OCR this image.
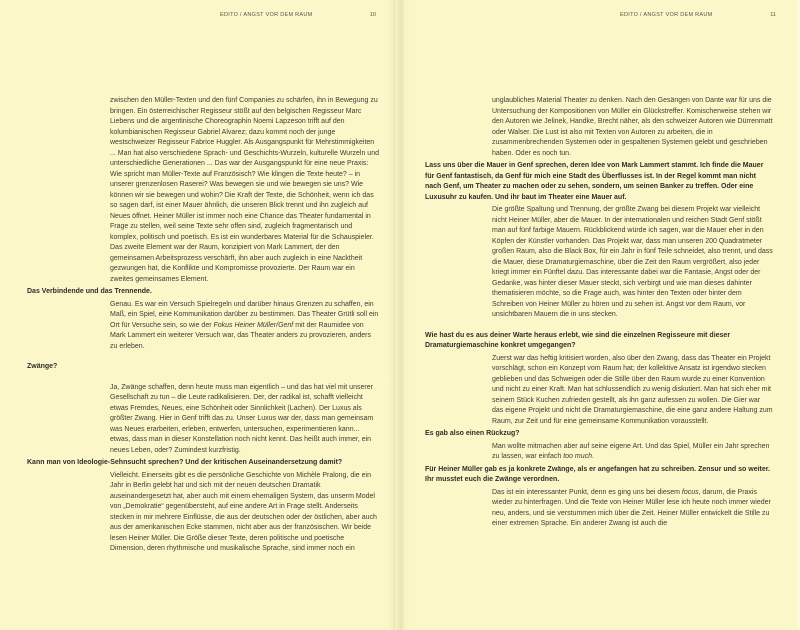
EDITO / ANGST VOR DEM RAUM	10

zwischen den Müller-Texten und den fünf Companies zu schärfen, ihn in Bewegung zu bringen. Ein österreichischer Regisseur stößt auf den belgischen Regisseur Marc Liebens und die argentinische Choreographin Noemi Lapzeson trifft auf den kolumbianischen Regisseur Gabriel Alvarez; dazu kommt noch der junge westschweizer Regisseur Fabrice Huggler. Als Ausgangspunkt für Mehrstimmigkeiten ... Man hat also verschiedene Sprach- und Geschichts-Wurzeln, kulturelle Wurzeln und unterschiedliche Generationen ... Das war der Ausgangspunkt für eine neue Praxis: Wie spricht man Müller-Texte auf Französisch? Wie klingen die Texte heute? – in unserer grenzenlosen Raserei? Was bewegen sie und wie bewegen sie uns? Wie können wir sie bewegen und wohin? Die Kraft der Texte, die Schönheit, wenn ich das so sagen darf, ist einer Mauer ähnlich, die unseren Blick trennt und ihn zugleich auf Neues öffnet. Heiner Müller ist immer noch eine Chance das Theater fundamental in Frage zu stellen, weil seine Texte sehr offen sind, zugleich fragmentarisch und komplex, politisch und poetisch. Es ist ein wunderbares Material für die Schauspieler. Das zweite Element war der Raum, konzipiert von Mark Lammert, der den gemeinsamen Arbeitsprozess verschärft, ihn aber auch zugleich in eine Nacktheit gezwungen hat, die Konflikte und Kompromisse provozierte. Der Raum war ein zweites gemeinsames Element.

Das Verbindende und das Trennende.

Genau. Es war ein Versuch Spielregeln und darüber hinaus Grenzen zu schaffen, ein Maß, ein Spiel, eine Kommunikation darüber zu bestimmen. Das Theater Grütli soll ein Ort für Versuche sein, so wie der Fokus Heiner Müller/Genf mit der Raumidee von Mark Lammert ein weiterer Versuch war, das Theater anders zu provozieren, anders zu erleben.

Zwänge?

Ja, Zwänge schaffen, denn heute muss man eigentlich – und das hat viel mit unserer Gesellschaft zu tun – die Leute radikalisieren. Der, der radikal ist, schafft vielleicht etwas Fremdes, Neues, eine Schönheit oder Sinnlichkeit (Lachen). Der Luxus als größter Zwang. Hier in Genf trifft das zu. Unser Luxus war der, dass man gemeinsam was Neues erarbeiten, erleben, entwerfen, untersuchen, experimentieren kann... etwas, dass man in dieser Konstellation noch nicht kennt. Das heißt auch immer, ein neues Leben, oder? Zumindest kurzfristig.

Kann man von Ideologie-Sehnsucht sprechen? Und der kritischen Auseinandersetzung damit?

Vielleicht. Einerseits gibt es die persönliche Geschichte von Michèle Pralong, die ein Jahr in Berlin gelebt hat und sich mit der neuen deutschen Dramatik auseinandergesetzt hat, aber auch mit einem ehemaligen System, das unserm Model von „Demokratie“ gegenübersteht, auf eine andere Art in Frage stellt. Anderseits stecken in mir mehrere Einflüsse, die aus der deutschen oder der östlichen, aber auch aus der amerikanischen Ecke stammen, nicht aber aus der französischen. Wir beide lesen Heiner Müller. Die Größe dieser Texte, deren politische und poetische Dimension, deren rhythmische und musikalische Sprache, sind immer noch ein

EDITO / ANGST VOR DEM RAUM	11

unglaubliches Material Theater zu denken. Nach den Gesängen von Dante war für uns die Untersuchung der Kompositionen von Müller ein Glückstreffer. Komischerweise stehen wir den Autoren wie Jelinek, Handke, Brecht näher, als den schweizer Autoren wie Dürrenmatt oder Walser. Die Lust ist also mit Texten von Autoren zu arbeiten, die in zusammenbrechenden Systemen oder in gespaltenen Systemen gelebt und geschrieben haben. Oder es noch tun.

Lass uns über die Mauer in Genf sprechen, deren Idee von Mark Lammert stammt. Ich finde die Mauer für Genf fantastisch, da Genf für mich eine Stadt des Überflusses ist. In der Regel kommt man nicht nach Genf, um Theater zu machen oder zu sehen, sondern, um seinen Banker zu treffen. Oder eine Luxusuhr zu kaufen. Und ihr baut im Theater eine Mauer auf.

Die größte Spaltung und Trennung, der größte Zwang bei diesem Projekt war vielleicht nicht Heiner Müller, aber die Mauer. In der internationalen und reichen Stadt Genf stößt man auf fünf farbige Mauern. Rückblickend würde ich sagen, war die Mauer eher in den Köpfen der Künstler vorhanden. Das Projekt war, dass man unseren 200 Quadratmeter großen Raum, also die Black Box, für ein Jahr in fünf Teile schneidet, also trennt, und dass die Mauer, diese Dramaturgiemaschine, über die Zeit den Raum vergrößert, also jeder kriegt immer ein Fünftel dazu. Das interessante dabei war die Fantasie, Angst oder der Gedanke, was hinter dieser Mauer steckt, sich verbirgt und wie man dieses dahinter thematisieren möchte, so die Frage auch, was hinter den Texten oder hinter dem Schreiben von Heiner Müller zu hören und zu sehen ist. Angst vor dem Raum, vor unsichtbaren Mauern die in uns stecken.

Wie hast du es aus deiner Warte heraus erlebt, wie sind die einzelnen Regisseure mit dieser Dramaturgiemaschine konkret umgegangen?

Zuerst war das heftig kritisiert worden, also über den Zwang, dass das Theater ein Projekt vorschlägt, schon ein Konzept vom Raum hat; der kollektive Ansatz ist irgendwo stecken geblieben und das Schweigen oder die Stille über den Raum wurde zu einer Konvention und nicht zu einer Kraft. Man hat schlussendlich zu wenig diskutiert. Man hat sich eher mit seinem Stück Kuchen zufrieden gestellt, als ihn ganz aufessen zu wollen. Die Gier war das eigene Projekt und nicht die Dramaturgiemaschine, die eine ganz andere Haltung zum Raum, zur Zeit und für eine gemeinsame Kommunikation vorausstellt.

Es gab also einen Rückzug?

Man wollte mitmachen aber auf seine eigene Art. Und das Spiel, Müller ein Jahr sprechen zu lassen, war einfach too much.

Für Heiner Müller gab es ja konkrete Zwänge, als er angefangen hat zu schreiben. Zensur und so weiter. Ihr musstet euch die Zwänge verordnen.

Das ist ein interessanter Punkt, denn es ging uns bei diesem focus, darum, die Praxis wieder zu hinterfragen. Und die Texte von Heiner Müller lese ich heute noch immer wieder neu, anders, und sie verstummen mich über die Zeit. Heiner Müller entwickelt die Stille zu einer extremen Sprache. Ein anderer Zwang ist auch die
